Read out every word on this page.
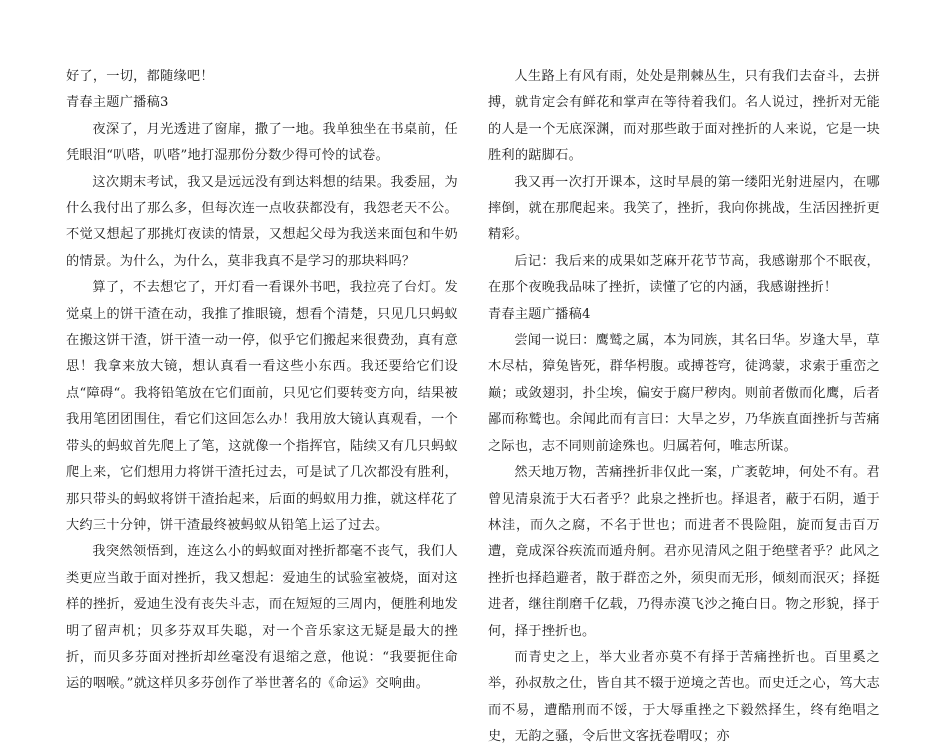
好了，一切，都随缘吧！

青春主题广播稿3

夜深了，月光透进了窗扉，撒了一地。我单独坐在书桌前，任凭眼泪“叭嗒，叭嗒”地打湿那份分数少得可怜的试卷。

这次期末考试，我又是远远没有到达料想的结果。我委屈，为什么我付出了那么多，但每次连一点收获都没有，我怨老天不公。不觉又想起了那挑灯夜读的情景，又想起父母为我送来面包和牛奶的情景。为什么，为什么，莫非我真不是学习的那块料吗？

算了，不去想它了，开灯看一看课外书吧，我拉亮了台灯。发觉桌上的饼干渣在动，我推了推眼镜，想看个清楚，只见几只蚂蚁在搬这饼干渣，饼干渣一动一停，似乎它们搬起来很费劲，真有意思！我拿来放大镜，想认真看一看这些小东西。我还要给它们设点“障碍“。我将铅笔放在它们面前，只见它们要转变方向，结果被我用笔团团围住，看它们这回怎么办！我用放大镜认真观看，一个带头的蚂蚁首先爬上了笔，这就像一个指挥官，陆续又有几只蚂蚁爬上来，它们想用力将饼干渣托过去，可是试了几次都没有胜利，那只带头的蚂蚁将饼干渣抬起来，后面的蚂蚁用力推，就这样花了大约三十分钟，饼干渣最终被蚂蚁从铅笔上运了过去。

我突然领悟到，连这么小的蚂蚁面对挫折都毫不丧气，我们人类更应当敢于面对挫折，我又想起：爱迪生的试验室被烧，面对这样的挫折，爱迪生没有丧失斗志，而在短短的三周内，便胜利地发明了留声机；贝多芬双耳失聪，对一个音乐家这无疑是最大的挫折，而贝多芬面对挫折却丝毫没有退缩之意，他说：“我要扼住命运的咽喉。”就这样贝多芬创作了举世著名的《命运》交响曲。

人生路上有风有雨，处处是荆棘丛生，只有我们去奋斗，去拼搏，就肯定会有鲜花和掌声在等待着我们。名人说过，挫折对无能的人是一个无底深渊，而对那些敢于面对挫折的人来说，它是一块胜利的踮脚石。

我又再一次打开课本，这时早晨的第一缕阳光射进屋内，在哪摔倒，就在那爬起来。我笑了，挫折，我向你挑战，生活因挫折更精彩。

后记：我后来的成果如芝麻开花节节高，我感谢那个不眠夜，在那个夜晚我品味了挫折，读懂了它的内涵，我感谢挫折！

青春主题广播稿4

尝闻一说曰：鹰鹫之属，本为同族，其名曰华。岁逢大旱，草木尽枯，獐兔皆死，群华枵腹。或搏苍穹，徒鸿蒙，求索于重峦之巅；或敛翅羽，扑尘埃，偏安于腐尸秽肉。则前者傲而化鹰，后者鄙而称鹫也。余闻此而有言曰：大旱之岁，乃华族直面挫折与苦痛之际也，志不同则前途殊也。归属若何，唯志所谋。

然天地万物，苦痛挫折非仅此一案，广袤乾坤，何处不有。君曾见清泉流于大石者乎？此泉之挫折也。择退者，蔽于石阴，遁于林洼，而久之腐，不名于世也；而进者不畏险阻，旋而复击百万遭，竟成深谷疾流而遁舟舸。君亦见清风之阻于绝壁者乎？此风之挫折也择趋避者，散于群峦之外，须臾而无形，倾刻而泯灭；择挺进者，继往削磨千亿载，乃得赤漠飞沙之掩白日。物之形貌，择于何，择于挫折也。

而青史之上，举大业者亦莫不有择于苦痛挫折也。百里奚之举，孙叔敖之仕，皆自其不辍于逆境之苦也。而史迁之心，笃大志而不易，遭酷刑而不馁，于大辱重挫之下毅然择生，终有绝唱之史，无韵之骚，令后世文客抚卷喟叹；亦
